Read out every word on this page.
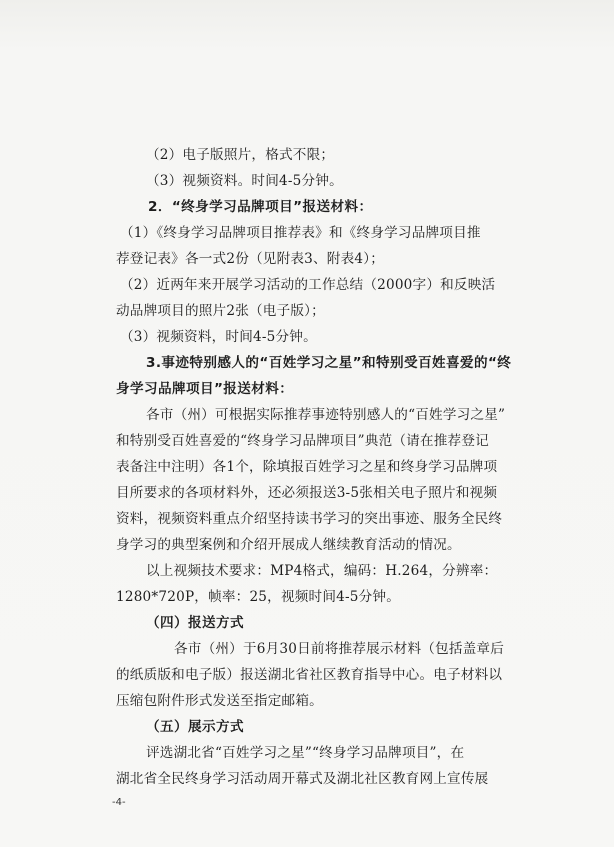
（2）电子版照片，格式不限；
（3）视频资料。时间4-5分钟。
2．“终身学习品牌项目”报送材料：
（1）《终身学习品牌项目推荐表》和《终身学习品牌项目推
荐登记表》各一式2份（见附表3、附表4）；
（2）近两年来开展学习活动的工作总结（2000字）和反映活
动品牌项目的照片2张（电子版）；
（3）视频资料，时间4-5分钟。
3.事迹特别感人的“百姓学习之星”和特别受百姓喜爱的“终
身学习品牌项目”报送材料：
各市（州）可根据实际推荐事迹特别感人的“百姓学习之星”
和特别受百姓喜爱的“终身学习品牌项目”典范（请在推荐登记
表备注中注明）各1个，除填报百姓学习之星和终身学习品牌项
目所要求的各项材料外，还必须报送3-5张相关电子照片和视频
资料，视频资料重点介绍坚持读书学习的突出事迹、服务全民终
身学习的典型案例和介绍开展成人继续教育活动的情况。
以上视频技术要求：MP4格式，编码：H.264，分辨率：
1280*720P，帧率：25，视频时间4-5分钟。
（四）报送方式
各市（州）于6月30日前将推荐展示材料（包括盖章后
的纸质版和电子版）报送湖北省社区教育指导中心。电子材料以
压缩包附件形式发送至指定邮箱。
（五）展示方式
评选湖北省“百姓学习之星”“终身学习品牌项目”，在
湖北省全民终身学习活动周开幕式及湖北社区教育网上宣传展
-4-
